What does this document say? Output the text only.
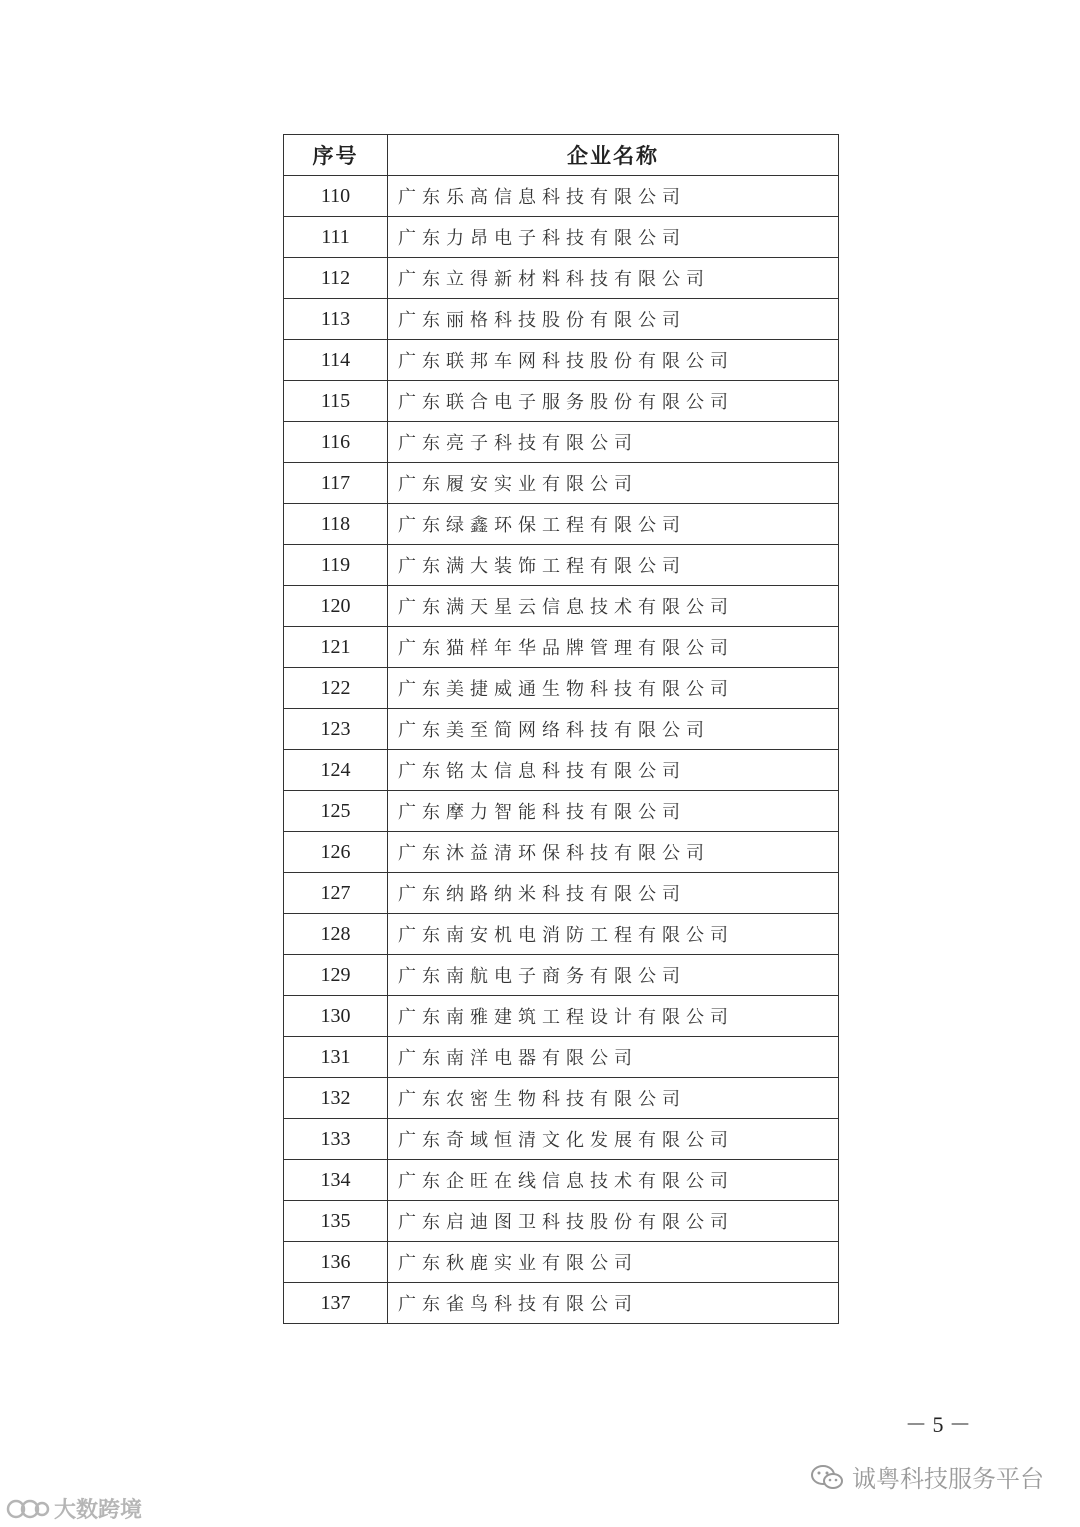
序号	企业名称
110	广东乐高信息科技有限公司
111	广东力昂电子科技有限公司
112	广东立得新材料科技有限公司
113	广东丽格科技股份有限公司
114	广东联邦车网科技股份有限公司
115	广东联合电子服务股份有限公司
116	广东亮子科技有限公司
117	广东履安实业有限公司
118	广东绿鑫环保工程有限公司
119	广东满大装饰工程有限公司
120	广东满天星云信息技术有限公司
121	广东猫样年华品牌管理有限公司
122	广东美捷威通生物科技有限公司
123	广东美至简网络科技有限公司
124	广东铭太信息科技有限公司
125	广东摩力智能科技有限公司
126	广东沐益清环保科技有限公司
127	广东纳路纳米科技有限公司
128	广东南安机电消防工程有限公司
129	广东南航电子商务有限公司
130	广东南雅建筑工程设计有限公司
131	广东南洋电器有限公司
132	广东农密生物科技有限公司
133	广东奇域恒清文化发展有限公司
134	广东企旺在线信息技术有限公司
135	广东启迪图卫科技股份有限公司
136	广东秋鹿实业有限公司
137	广东雀鸟科技有限公司
－ 5 －
诚粤科技服务平台
大数跨境
